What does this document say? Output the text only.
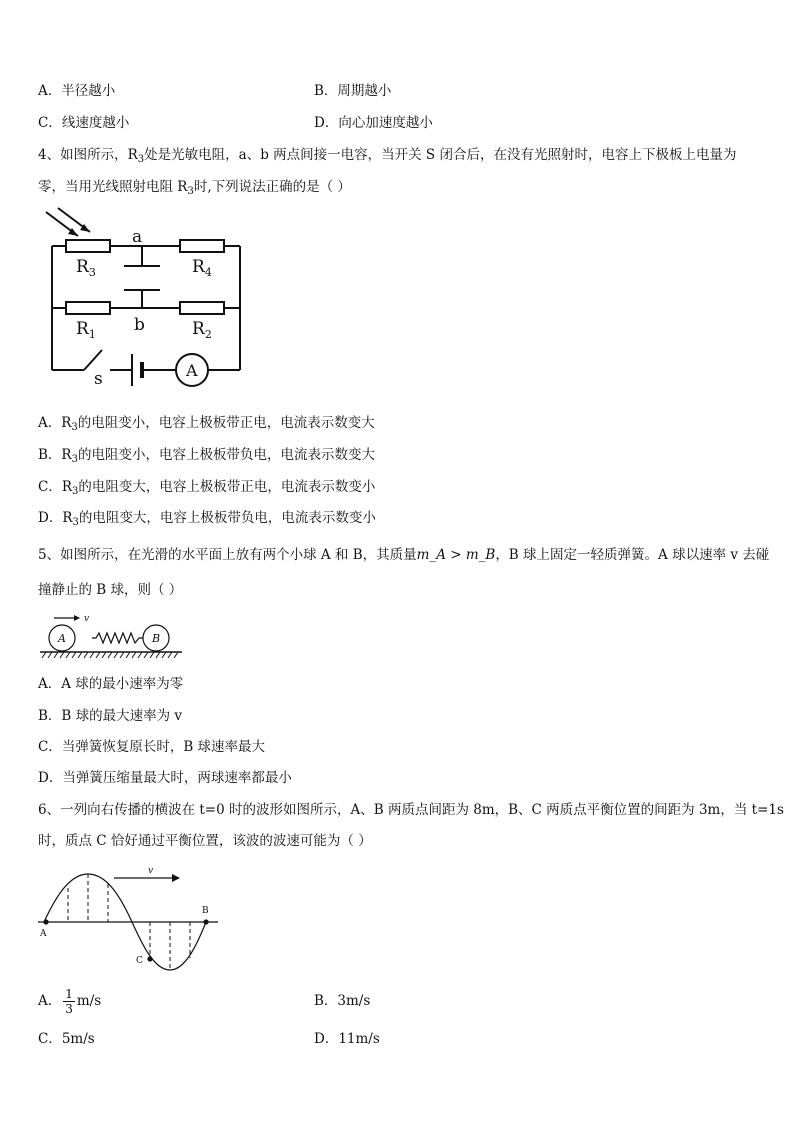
A．半径越小	B．周期越小
C．线速度越小	D．向心加速度越小
4、如图所示，$R_3$处是光敏电阻，a、b 两点间接一电容，当开关 S 闭合后，在没有光照射时，电容上下极板上电量为
零，当用光线照射电阻 $R_3$时,下列说法正确的是（ ）
a
b
$R_3$	$R_4$
$R_1$	$R_2$
s	A
A．$R_3$的电阻变小，电容上极板带正电，电流表示数变大
B．$R_3$的电阻变小，电容上极板带负电，电流表示数变大
C．$R_3$的电阻变大，电容上极板带正电，电流表示数变小
D．$R_3$的电阻变大，电容上极板带负电，电流表示数变小
5、如图所示，在光滑的水平面上放有两个小球 A 和 B，其质量m_A > m_B，B 球上固定一轻质弹簧。A 球以速率 v 去碰
撞静止的 B 球，则（ ）
A	B
v
A．A 球的最小速率为零
B．B 球的最大速率为 v
C．当弹簧恢复原长时，B 球速率最大
D．当弹簧压缩量最大时，两球速率都最小
6、一列向右传播的横波在 t=0 时的波形如图所示，A、B 两质点间距为 8m，B、C 两质点平衡位置的间距为 3m，当 t=1s
时，质点 C 恰好通过平衡位置，该波的波速可能为（ ）
A
B
C
v
A． $\frac{1}{3} m/s$	B．3m/s
C．5m/s	D．11m/s
